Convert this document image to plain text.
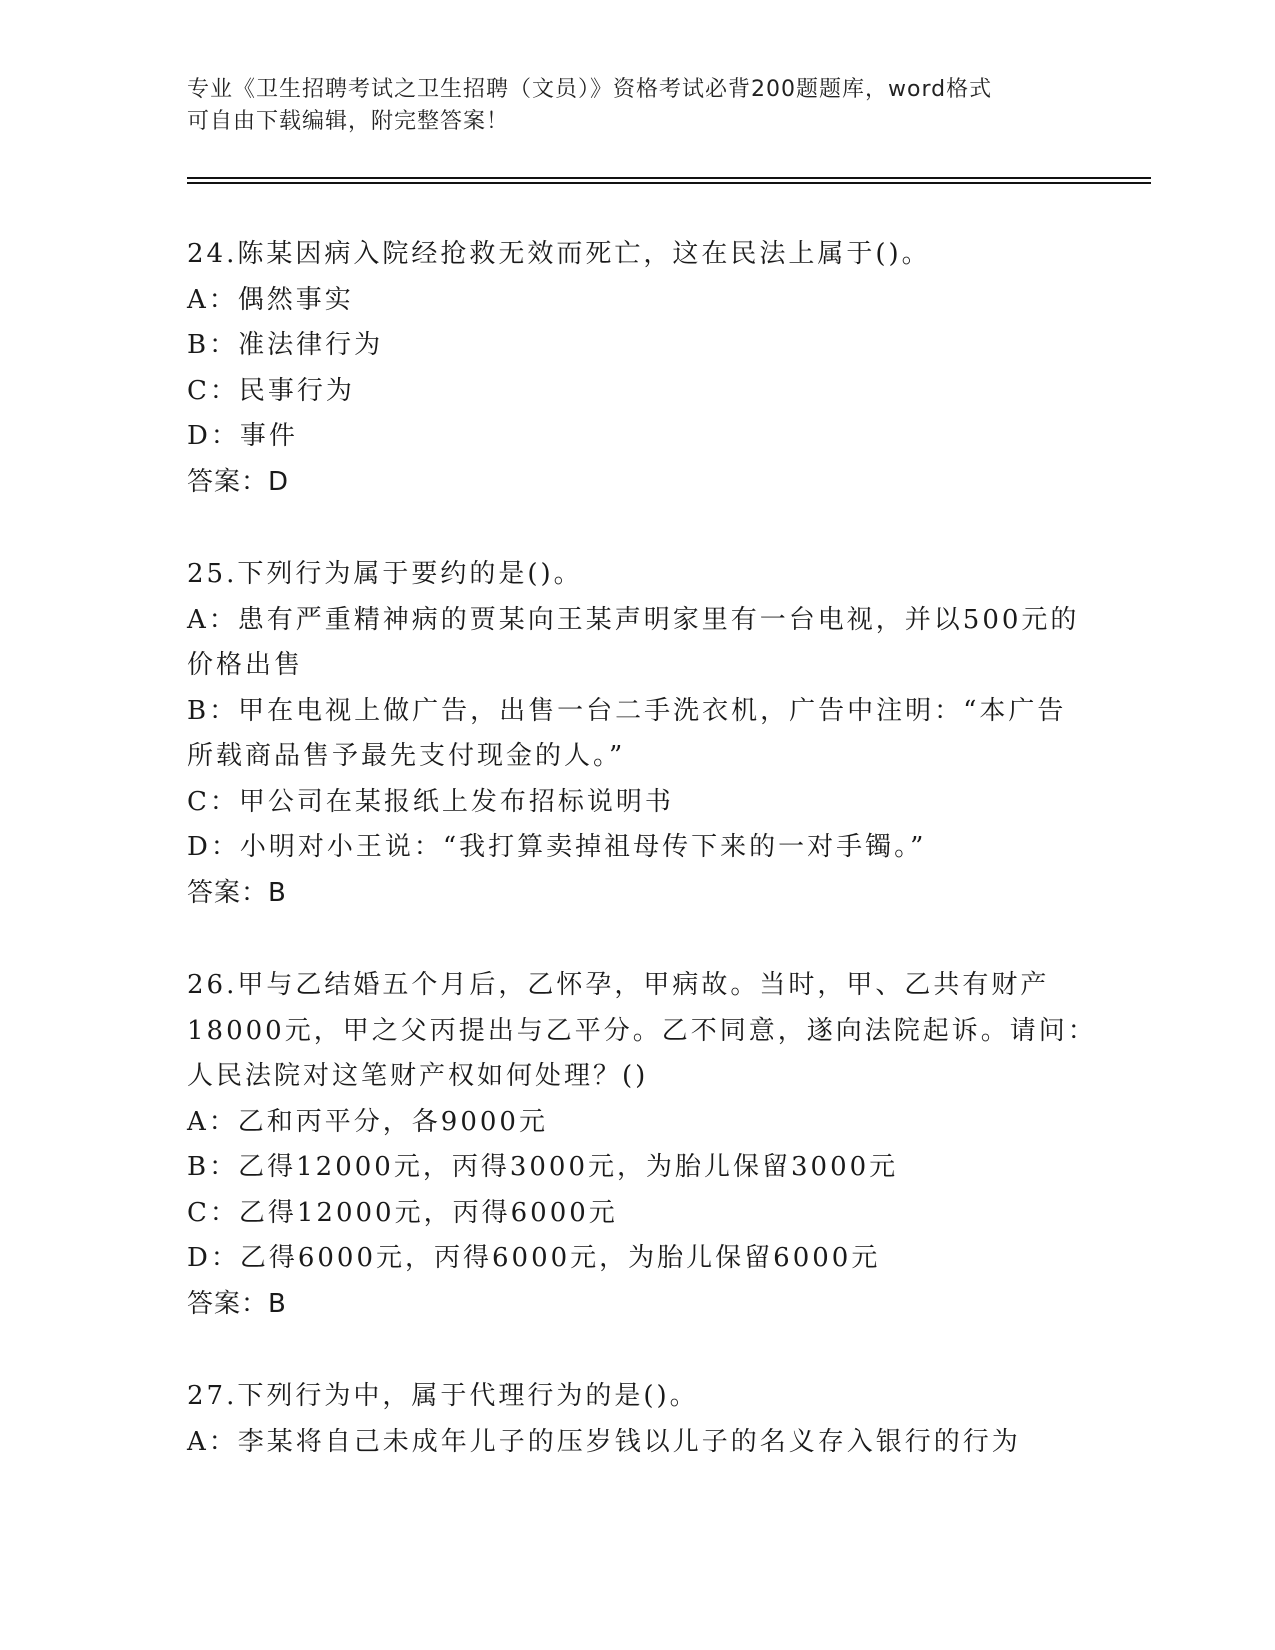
专业《卫生招聘考试之卫生招聘（文员）》资格考试必背200题题库，word格式
可自由下载编辑，附完整答案！
24.陈某因病入院经抢救无效而死亡，这在民法上属于()。
A：偶然事实
B：准法律行为
C：民事行为
D：事件
答案：D
25.下列行为属于要约的是()。
A：患有严重精神病的贾某向王某声明家里有一台电视，并以500元的
价格出售
B：甲在电视上做广告，出售一台二手洗衣机，广告中注明：“本广告
所载商品售予最先支付现金的人。”
C：甲公司在某报纸上发布招标说明书
D：小明对小王说：“我打算卖掉祖母传下来的一对手镯。”
答案：B
26.甲与乙结婚五个月后，乙怀孕，甲病故。当时，甲、乙共有财产
18000元，甲之父丙提出与乙平分。乙不同意，遂向法院起诉。请问：
人民法院对这笔财产权如何处理？()
A：乙和丙平分，各9000元
B：乙得12000元，丙得3000元，为胎儿保留3000元
C：乙得12000元，丙得6000元
D：乙得6000元，丙得6000元，为胎儿保留6000元
答案：B
27.下列行为中，属于代理行为的是()。
A：李某将自己未成年儿子的压岁钱以儿子的名义存入银行的行为
